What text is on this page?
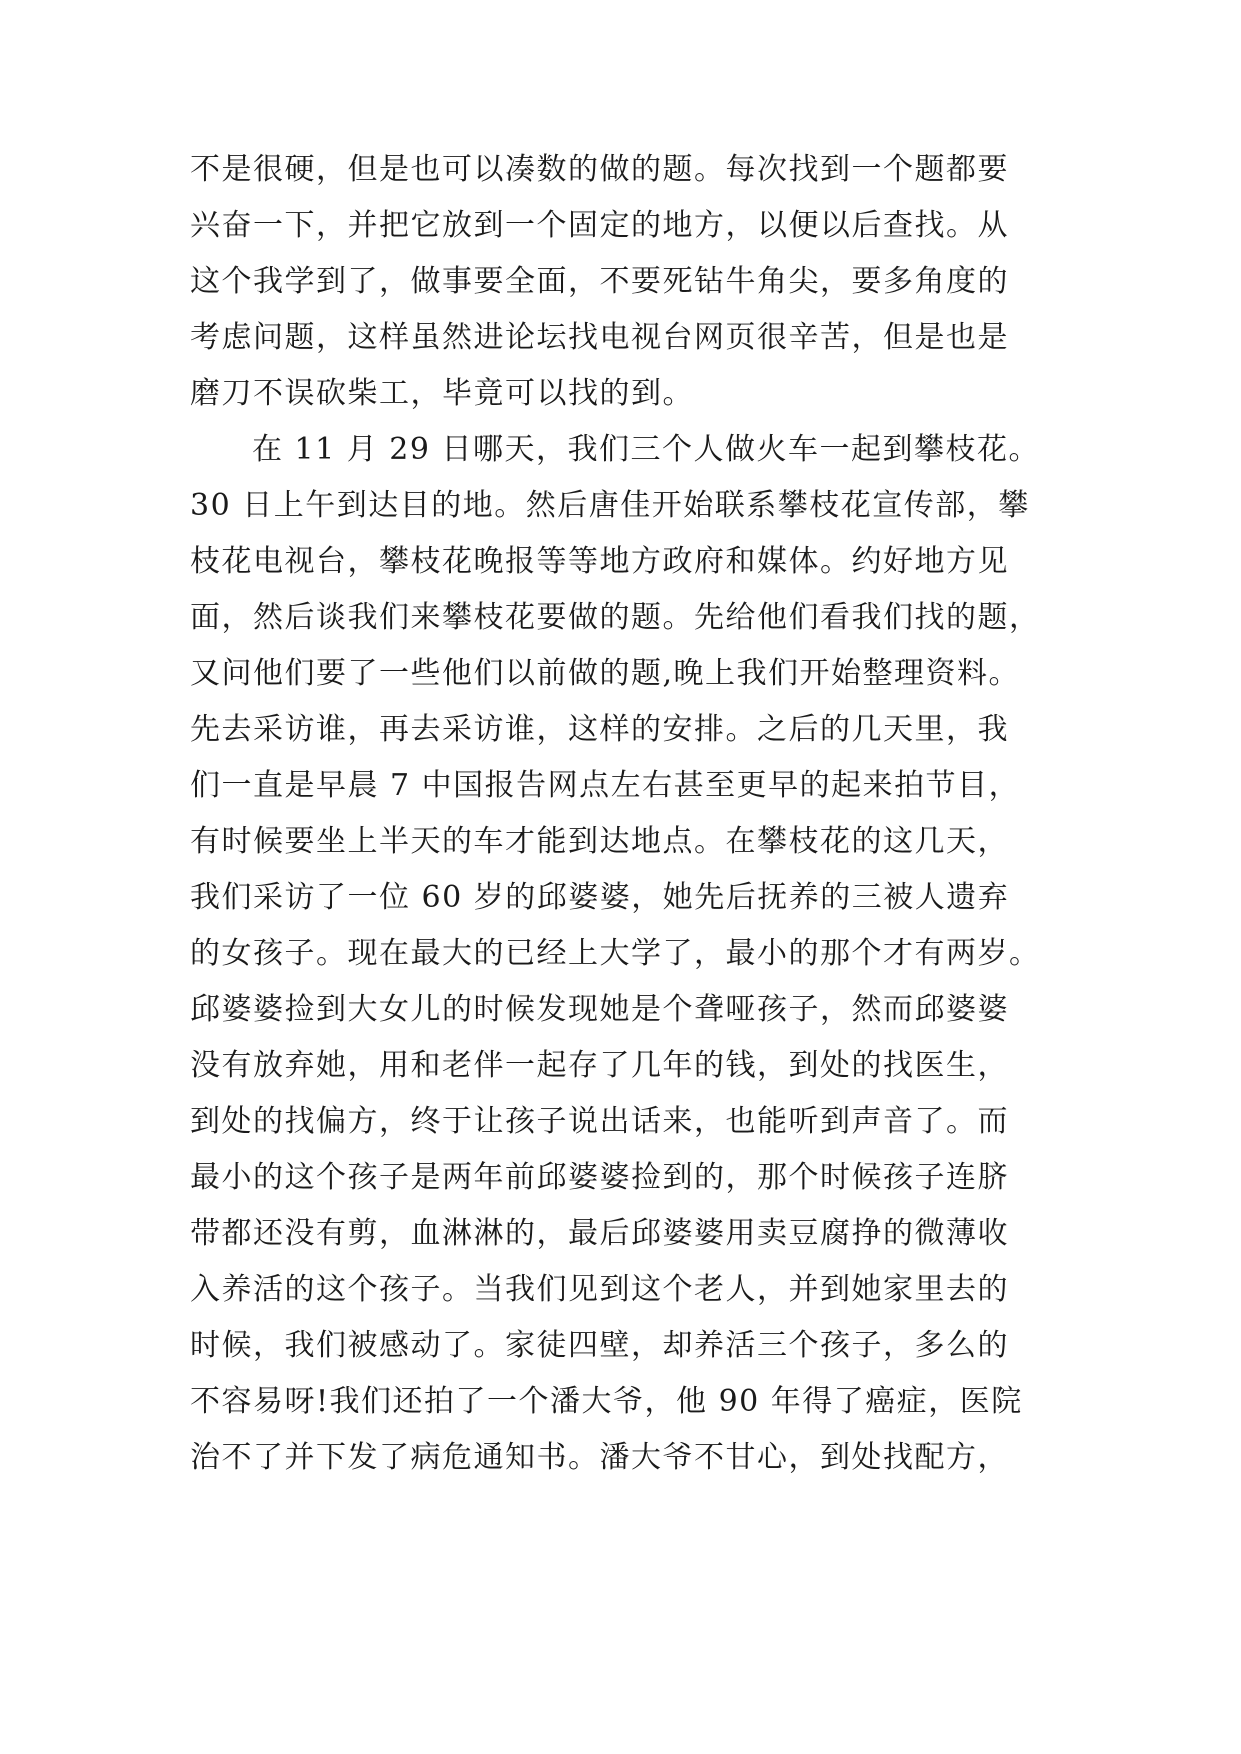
不是很硬，但是也可以凑数的做的题。每次找到一个题都要
兴奋一下，并把它放到一个固定的地方，以便以后查找。从
这个我学到了，做事要全面，不要死钻牛角尖，要多角度的
考虑问题，这样虽然进论坛找电视台网页很辛苦，但是也是
磨刀不误砍柴工，毕竟可以找的到。
在 11 月 29 日哪天，我们三个人做火车一起到攀枝花。
30 日上午到达目的地。然后唐佳开始联系攀枝花宣传部，攀
枝花电视台，攀枝花晚报等等地方政府和媒体。约好地方见
面，然后谈我们来攀枝花要做的题。先给他们看我们找的题，
又问他们要了一些他们以前做的题,晚上我们开始整理资料。
先去采访谁，再去采访谁，这样的安排。之后的几天里，我
们一直是早晨 7 中国报告网点左右甚至更早的起来拍节目，
有时候要坐上半天的车才能到达地点。在攀枝花的这几天，
我们采访了一位 60 岁的邱婆婆，她先后抚养的三被人遗弃
的女孩子。现在最大的已经上大学了，最小的那个才有两岁。
邱婆婆捡到大女儿的时候发现她是个聋哑孩子，然而邱婆婆
没有放弃她，用和老伴一起存了几年的钱，到处的找医生，
到处的找偏方，终于让孩子说出话来，也能听到声音了。而
最小的这个孩子是两年前邱婆婆捡到的，那个时候孩子连脐
带都还没有剪，血淋淋的，最后邱婆婆用卖豆腐挣的微薄收
入养活的这个孩子。当我们见到这个老人，并到她家里去的
时候，我们被感动了。家徒四壁，却养活三个孩子，多么的
不容易呀!我们还拍了一个潘大爷，他 90 年得了癌症，医院
治不了并下发了病危通知书。潘大爷不甘心，到处找配方，
